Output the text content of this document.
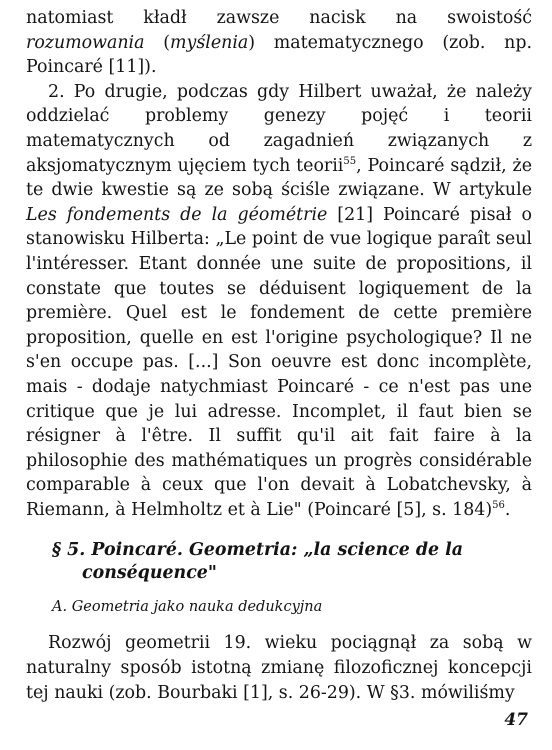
natomiast kładł zawsze nacisk na swoistość rozumowania (myślenia) matematycznego (zob. np. Poincaré [11]).

2. Po drugie, podczas gdy Hilbert uważał, że należy oddzielać problemy genezy pojęć i teorii matematycznych od zagadnień związanych z aksjomatycznym ujęciem tych teorii$^{55}$, Poincaré sądził, że te dwie kwestie są ze sobą ściśle związane. W artykule Les fondements de la géométrie [21] Poincaré pisał o stanowisku Hilberta: „Le point de vue logique paraît seul l'intéresser. Etant donnée une suite de propositions, il constate que toutes se déduisent logiquement de la première. Quel est le fondement de cette première proposition, quelle en est l'origine psychologique? Il ne s'en occupe pas. [...] Son oeuvre est donc incomplète, mais - dodaje natychmiast Poincaré - ce n'est pas une critique que je lui adresse. Incomplet, il faut bien se résigner à l'être. Il suffit qu'il ait fait faire à la philosophie des mathématiques un progrès considérable comparable à ceux que l'on devait à Lobatchevsky, à Riemann, à Helmholtz et à Lie" (Poincaré [5], s. 184)$^{56}$.

§ 5. Poincaré. Geometria: „la science de la
conséquence"
A. Geometria jako nauka dedukcyjna

Rozwój geometrii 19. wieku pociągnął za sobą w naturalny sposób istotną zmianę filozoficznej koncepcji tej nauki (zob. Bourbaki [1], s. 26-29). W §3. mówiliśmy

47
